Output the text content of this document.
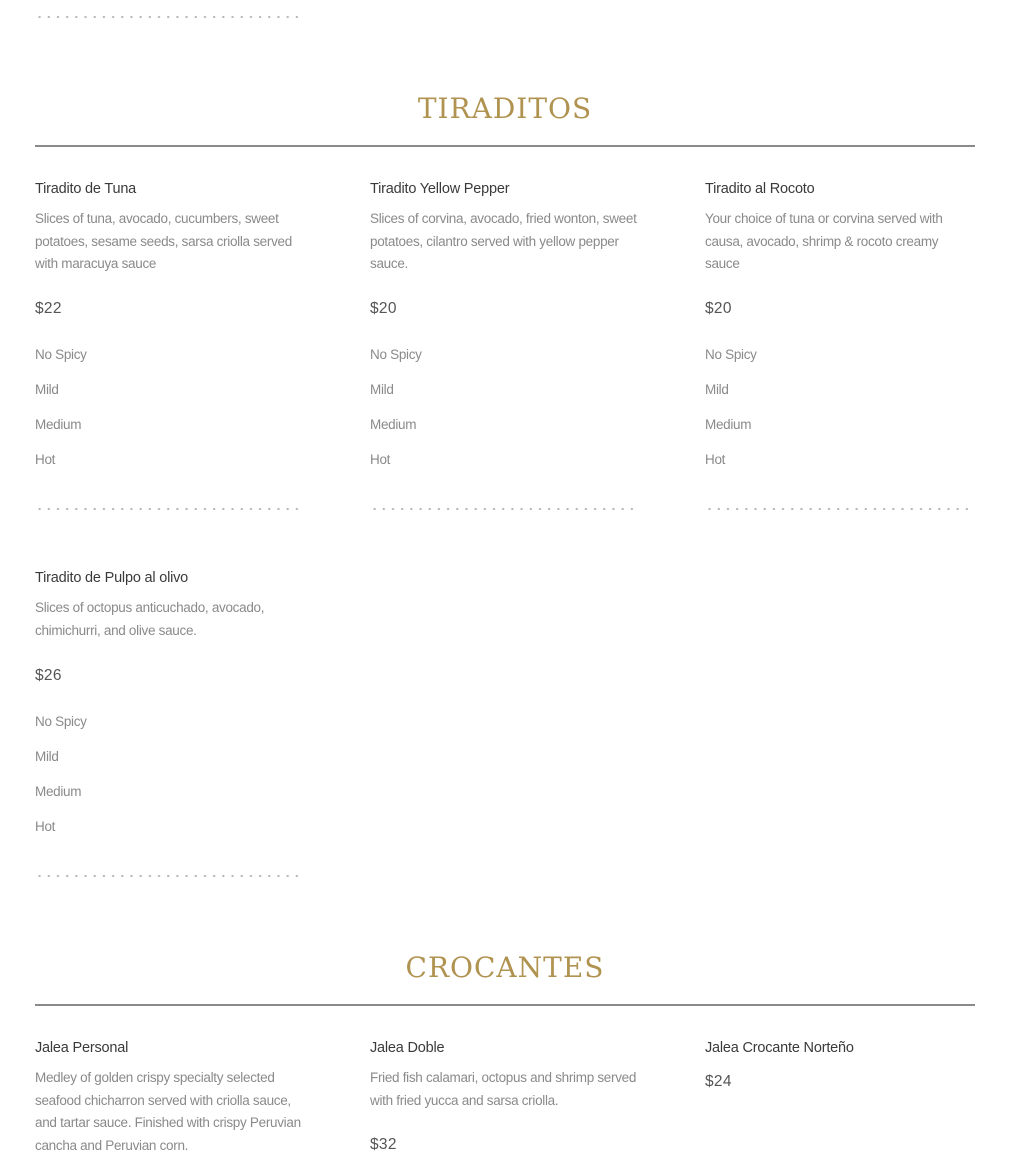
TIRADITOS
Tiradito de Tuna
Slices of tuna, avocado, cucumbers, sweet potatoes, sesame seeds, sarsa criolla served with maracuya sauce
$22
No Spicy
Mild
Medium
Hot
Tiradito Yellow Pepper
Slices of corvina, avocado, fried wonton, sweet potatoes, cilantro served with yellow pepper sauce.
$20
No Spicy
Mild
Medium
Hot
Tiradito al Rocoto
Your choice of tuna or corvina served with causa, avocado, shrimp & rocoto creamy sauce
$20
No Spicy
Mild
Medium
Hot
Tiradito de Pulpo al olivo
Slices of octopus anticuchado, avocado, chimichurri, and olive sauce.
$26
No Spicy
Mild
Medium
Hot
CROCANTES
Jalea Personal
Medley of golden crispy specialty selected seafood chicharron served with criolla sauce, and tartar sauce. Finished with crispy Peruvian cancha and Peruvian corn.
Jalea Doble
Fried fish calamari, octopus and shrimp served with fried yucca and sarsa criolla.
$32
Jalea Crocante Norteño
$24
